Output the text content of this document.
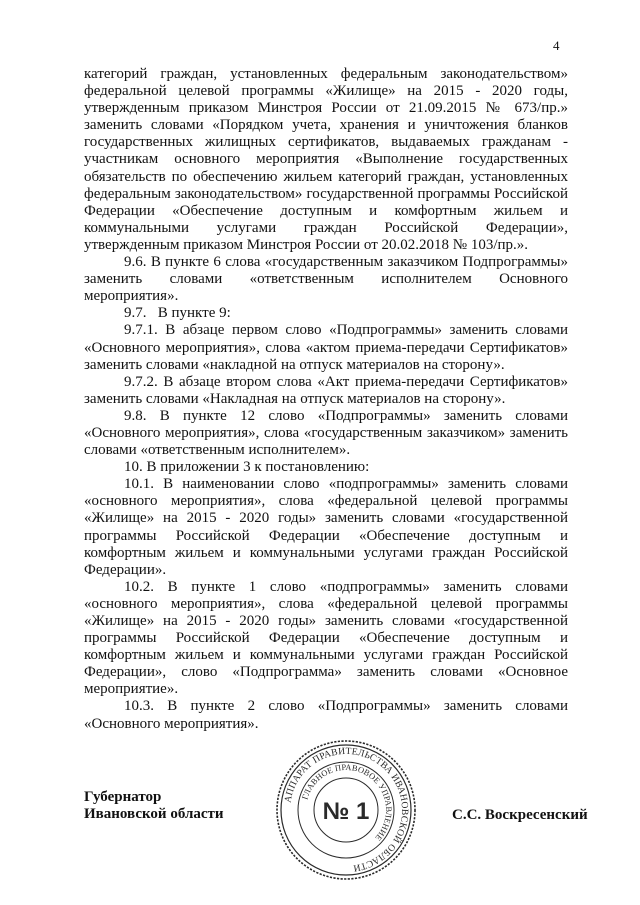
4

категорий граждан, установленных федеральным законодательством» федеральной целевой программы «Жилище» на 2015 - 2020 годы, утвержденным приказом Минстроя России от 21.09.2015 № 673/пр.» заменить словами «Порядком учета, хранения и уничтожения бланков государственных жилищных сертификатов, выдаваемых гражданам - участникам основного мероприятия «Выполнение государственных обязательств по обеспечению жильем категорий граждан, установленных федеральным законодательством» государственной программы Российской Федерации «Обеспечение доступным и комфортным жильем и коммунальными услугами граждан Российской Федерации», утвержденным приказом Минстроя России от 20.02.2018 № 103/пр.».

9.6. В пункте 6 слова «государственным заказчиком Подпрограммы» заменить словами «ответственным исполнителем Основного мероприятия».

9.7.   В пункте 9:

9.7.1. В абзаце первом слово «Подпрограммы» заменить словами «Основного мероприятия», слова «актом приема-передачи Сертификатов» заменить словами «накладной на отпуск материалов на сторону».

9.7.2. В абзаце втором слова «Акт приема-передачи Сертификатов» заменить словами «Накладная на отпуск материалов на сторону».

9.8. В пункте 12 слово «Подпрограммы» заменить словами «Основного мероприятия», слова «государственным заказчиком» заменить словами «ответственным исполнителем».

10. В приложении 3 к постановлению:

10.1. В наименовании слово «подпрограммы» заменить словами «основного мероприятия», слова «федеральной целевой программы «Жилище» на 2015 - 2020 годы» заменить словами «государственной программы Российской Федерации «Обеспечение доступным и комфортным жильем и коммунальными услугами граждан Российской Федерации».

10.2. В пункте 1 слово «подпрограммы» заменить словами «основного мероприятия», слова «федеральной целевой программы «Жилище» на 2015 - 2020 годы» заменить словами «государственной программы Российской Федерации «Обеспечение доступным и комфортным жильем и коммунальными услугами граждан Российской Федерации», слово «Подпрограмма» заменить словами «Основное мероприятие».

10.3. В пункте 2 слово «Подпрограммы» заменить словами «Основного мероприятия».

Губернатор
Ивановской области	С.С. Воскресенский
АППАРАТ ПРАВИТЕЛЬСТВА ИВАНОВСКОЙ ОБЛАСТИ
ГЛАВНОЕ ПРАВОВОЕ УПРАВЛЕНИЕ
№ 1
